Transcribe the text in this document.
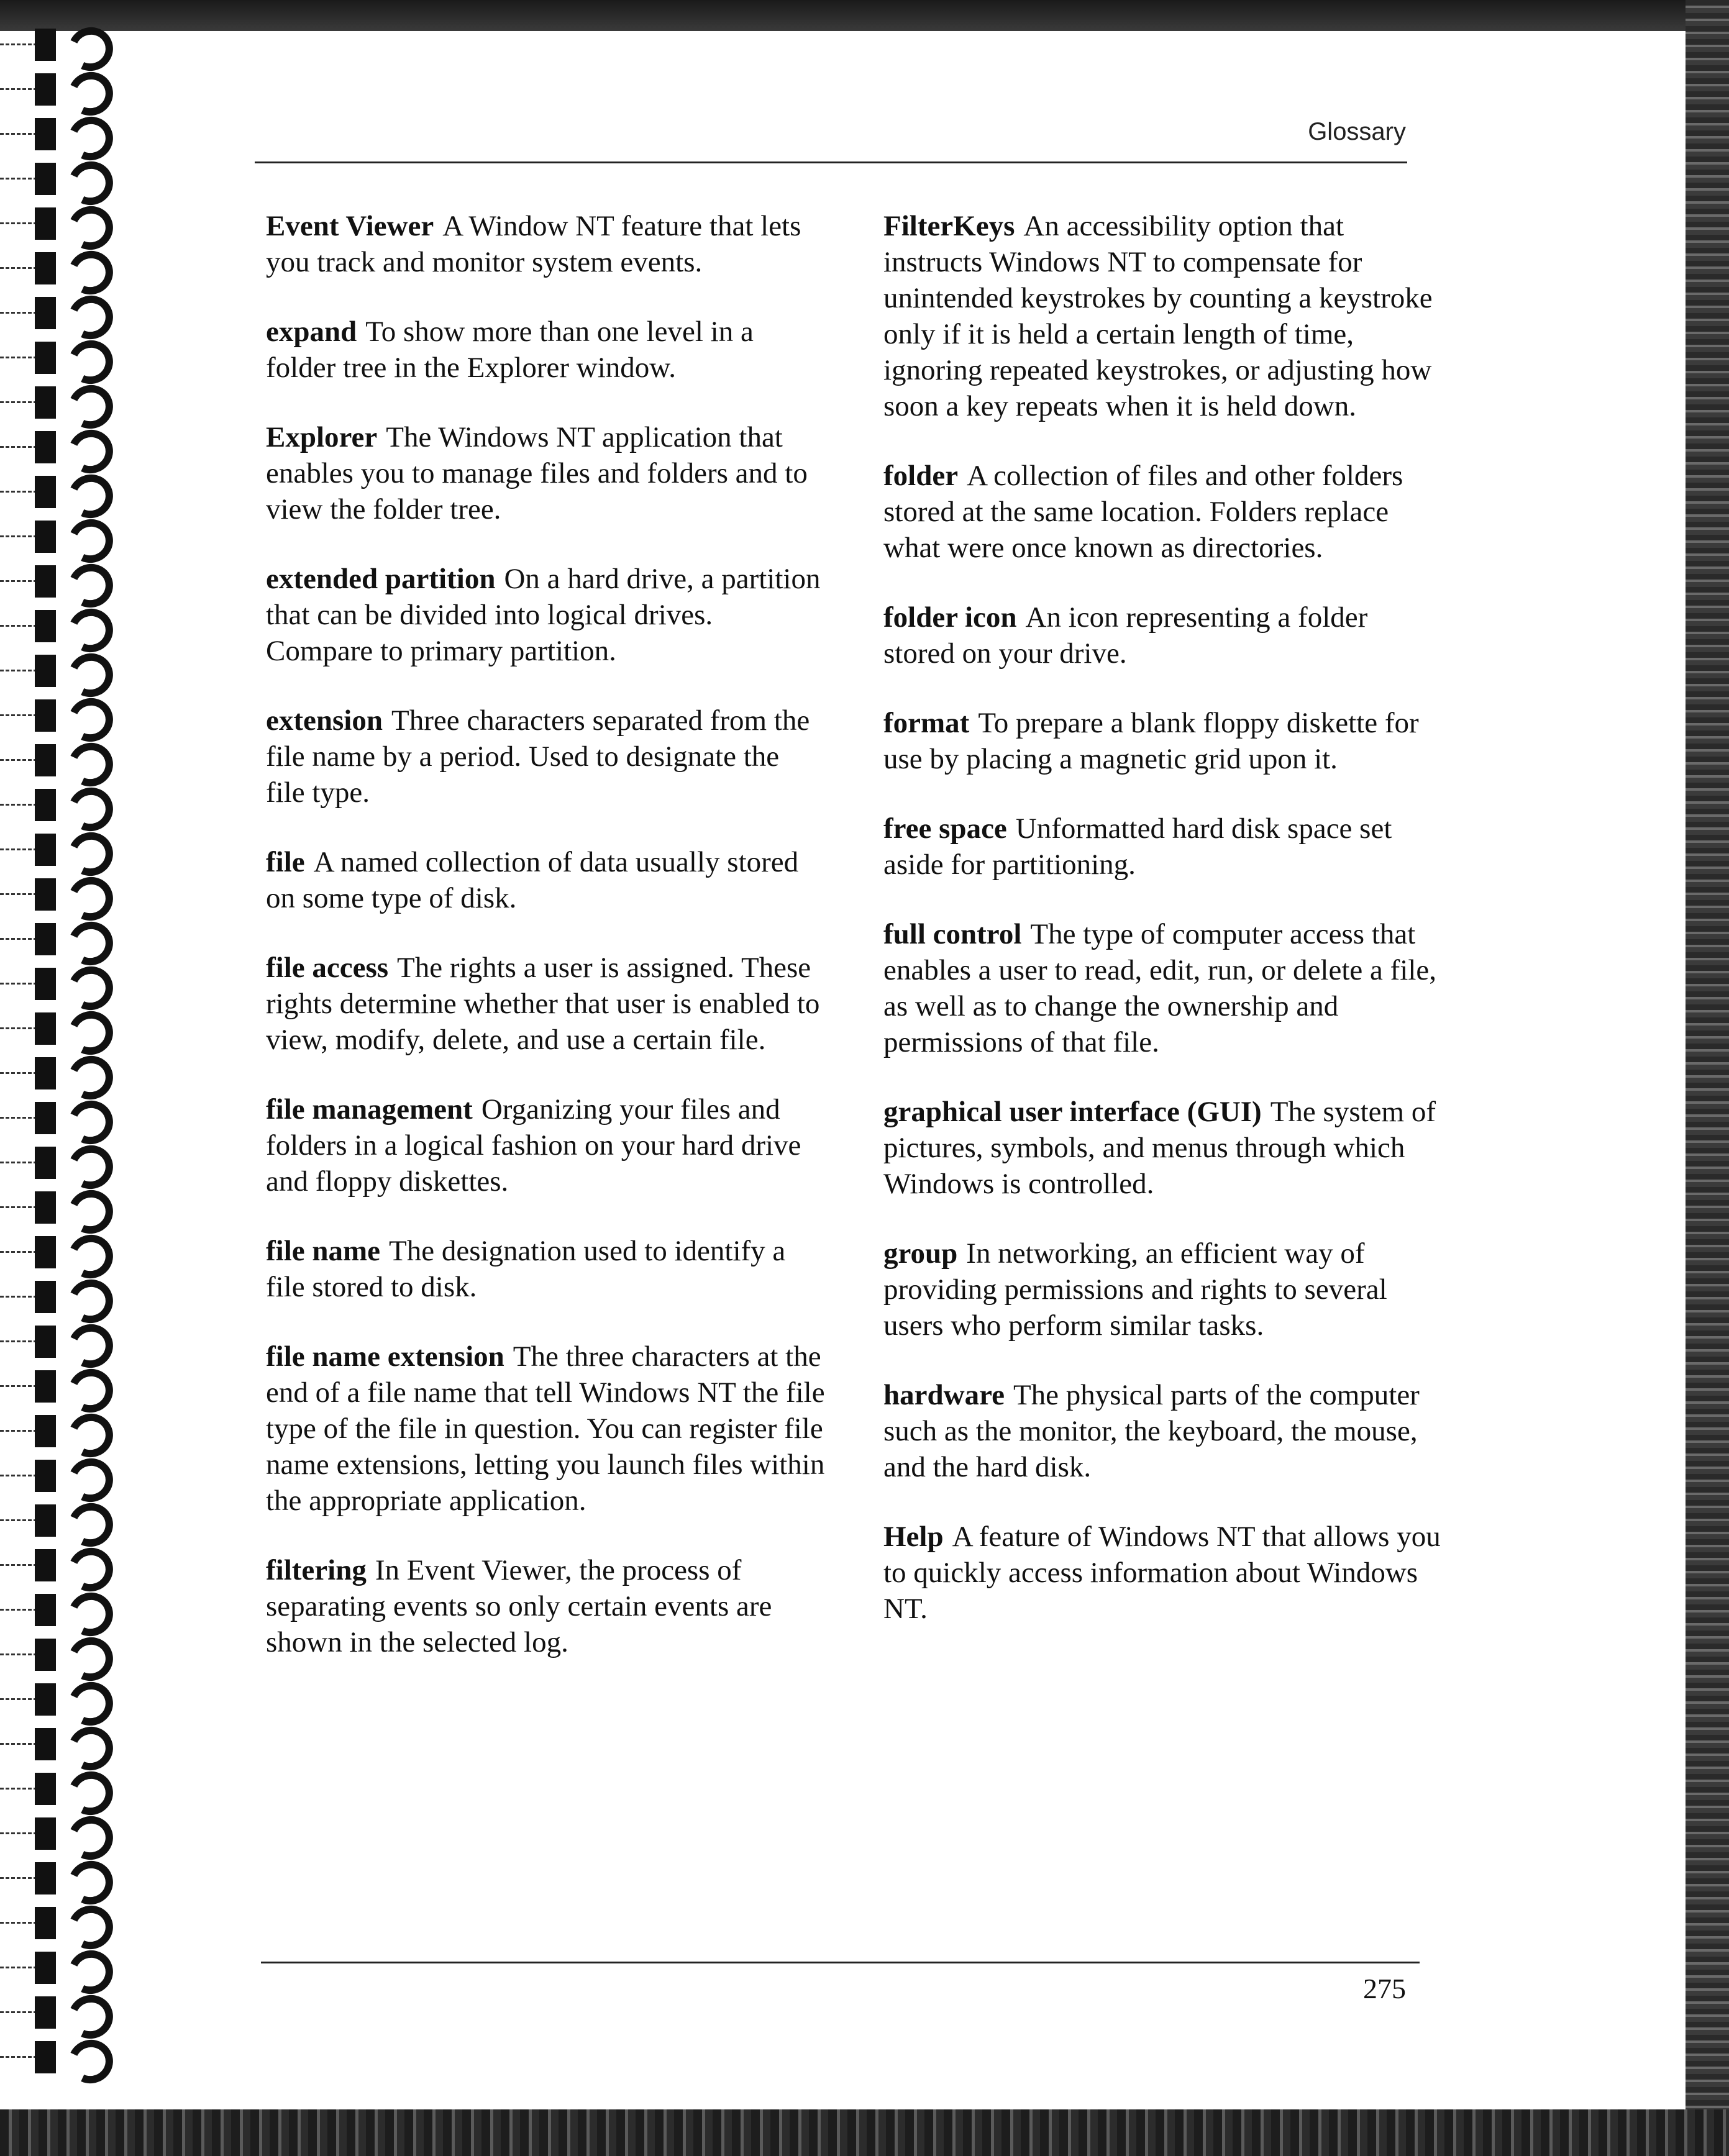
Glossary

Event Viewer A Window NT feature that lets you track and monitor system events.

expand To show more than one level in a folder tree in the Explorer window.

Explorer The Windows NT application that enables you to manage files and folders and to view the folder tree.

extended partition On a hard drive, a partition that can be divided into logical drives. Compare to primary partition.

extension Three characters separated from the file name by a period. Used to designate the file type.

file A named collection of data usually stored on some type of disk.

file access The rights a user is assigned. These rights determine whether that user is enabled to view, modify, delete, and use a certain file.

file management Organizing your files and folders in a logical fashion on your hard drive and floppy diskettes.

file name The designation used to identify a file stored to disk.

file name extension The three characters at the end of a file name that tell Windows NT the file type of the file in question. You can register file name extensions, letting you launch files within the appropriate application.

filtering In Event Viewer, the process of separating events so only certain events are shown in the selected log.

FilterKeys An accessibility option that instructs Windows NT to compensate for unintended keystrokes by counting a keystroke only if it is held a certain length of time, ignoring repeated keystrokes, or adjusting how soon a key repeats when it is held down.

folder A collection of files and other folders stored at the same location. Folders replace what were once known as directories.

folder icon An icon representing a folder stored on your drive.

format To prepare a blank floppy diskette for use by placing a magnetic grid upon it.

free space Unformatted hard disk space set aside for partitioning.

full control The type of computer access that enables a user to read, edit, run, or delete a file, as well as to change the ownership and permissions of that file.

graphical user interface (GUI) The system of pictures, symbols, and menus through which Windows is controlled.

group In networking, an efficient way of providing permissions and rights to several users who perform similar tasks.

hardware The physical parts of the computer such as the monitor, the keyboard, the mouse, and the hard disk.

Help A feature of Windows NT that allows you to quickly access information about Windows NT.

275
